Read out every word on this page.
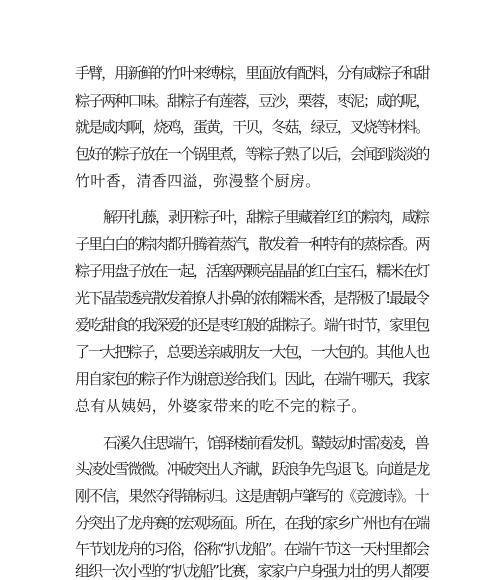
手臂，用新鲜的竹叶来缚棕，里面放有配料，分有咸粽子和甜
粽子两种口味。甜粽子有莲蓉，豆沙，栗蓉，枣泥；咸的呢，
就是咸肉啊，烧鸡，蛋黄，干贝，冬菇，绿豆，叉烧等材料。
包好的粽子放在一个锅里煮，等粽子熟了以后，会闻到淡淡的
竹叶香，清香四溢，弥漫整个厨房。
解开扎藤，剥开粽子叶，甜粽子里藏着红红的粽肉，咸粽
子里白白的粽肉都升腾着蒸汽，散发着一种特有的蒸棕香。两
粽子用盘子放在一起，活塞两颗亮晶晶的红白宝石，糯米在灯
光下晶莹透亮散发着撩人扑鼻的浓郁糯米香，是帮极了!最最令
爱吃甜食的我深爱的还是枣红般的甜粽子。端午时节，家里包
了一大把粽子，总要送亲戚朋友一大包，一大包的。其他人也
用自家包的粽子作为谢意送给我们。因此，在端午哪天，我家
总有从姨妈，外婆家带来的吃不完的粽子。
石溪久住思端午，馆驿楼前看发机。鼙鼓动时雷凌凌，兽
头凌处雪微微。冲破突出人齐谳，跃浪争先鸟退飞。向道是龙
刚不信，果然夺得锦标归。这是唐朝卢肇写的《竞渡诗》。十
分突出了龙舟赛的宏观场面。所在，在我的家乡广州也有在端
午节划龙舟的习俗，俗称“扒龙船”。在端午节这一天村里都会
组织一次小型的“扒龙船”比赛，家家户户身强力壮的男人都要
